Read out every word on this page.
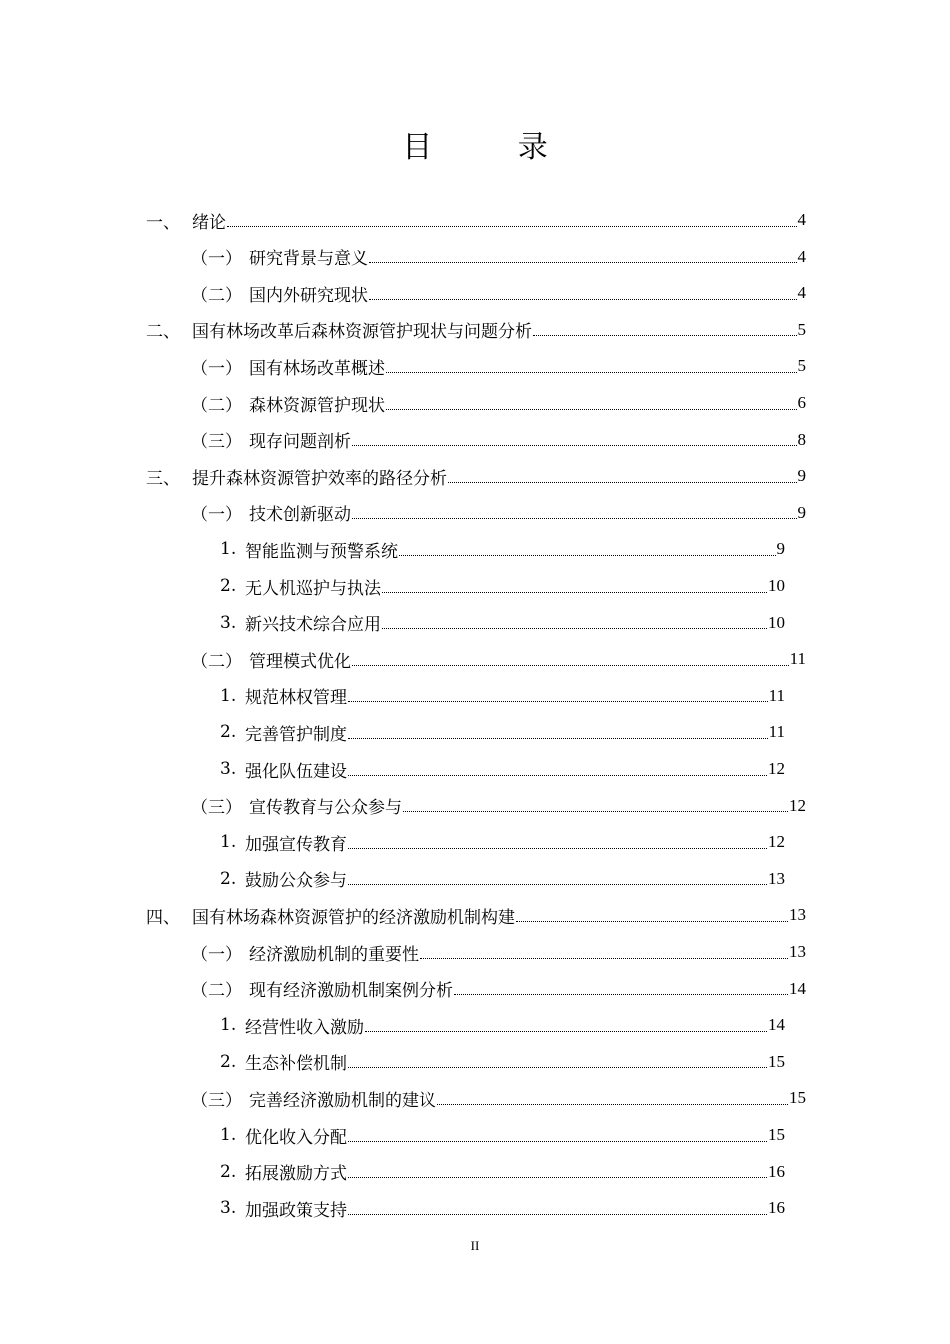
目 录
一、 绪论	4
（一） 研究背景与意义	4
（二） 国内外研究现状	4
二、 国有林场改革后森林资源管护现状与问题分析	5
（一） 国有林场改革概述	5
（二） 森林资源管护现状	6
（三） 现存问题剖析	8
三、 提升森林资源管护效率的路径分析	9
（一） 技术创新驱动	9
1. 智能监测与预警系统	9
2. 无人机巡护与执法	10
3. 新兴技术综合应用	10
（二） 管理模式优化	11
1. 规范林权管理	11
2. 完善管护制度	11
3. 强化队伍建设	12
（三） 宣传教育与公众参与	12
1. 加强宣传教育	12
2. 鼓励公众参与	13
四、 国有林场森林资源管护的经济激励机制构建	13
（一） 经济激励机制的重要性	13
（二） 现有经济激励机制案例分析	14
1. 经营性收入激励	14
2. 生态补偿机制	15
（三） 完善经济激励机制的建议	15
1. 优化收入分配	15
2. 拓展激励方式	16
3. 加强政策支持	16
II
